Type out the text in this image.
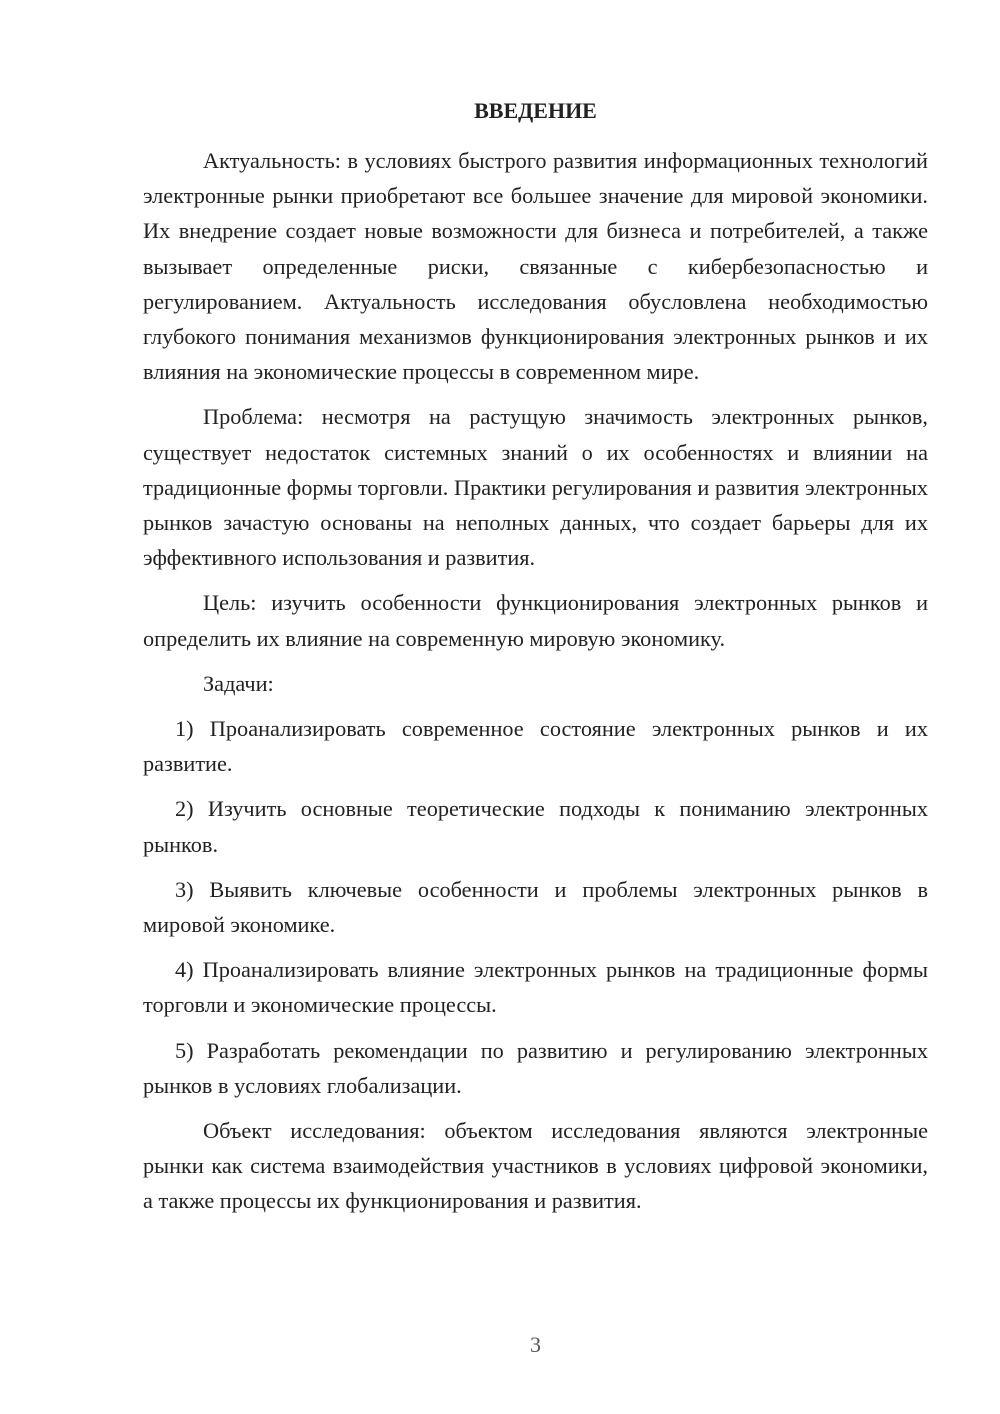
ВВЕДЕНИЕ

Актуальность: в условиях быстрого развития информационных технологий электронные рынки приобретают все большее значение для мировой экономики. Их внедрение создает новые возможности для бизнеса и потребителей, а также вызывает определенные риски, связанные с кибербезопасностью и регулированием. Актуальность исследования обусловлена необходимостью глубокого понимания механизмов функционирования электронных рынков и их влияния на экономические процессы в современном мире.

Проблема: несмотря на растущую значимость электронных рынков, существует недостаток системных знаний о их особенностях и влиянии на традиционные формы торговли. Практики регулирования и развития электронных рынков зачастую основаны на неполных данных, что создает барьеры для их эффективного использования и развития.

Цель: изучить особенности функционирования электронных рынков и определить их влияние на современную мировую экономику.

Задачи:

1) Проанализировать современное состояние электронных рынков и их развитие.

2) Изучить основные теоретические подходы к пониманию электронных рынков.

3) Выявить ключевые особенности и проблемы электронных рынков в мировой экономике.

4) Проанализировать влияние электронных рынков на традиционные формы торговли и экономические процессы.

5) Разработать рекомендации по развитию и регулированию электронных рынков в условиях глобализации.

Объект исследования: объектом исследования являются электронные рынки как система взаимодействия участников в условиях цифровой экономики, а также процессы их функционирования и развития.

3
